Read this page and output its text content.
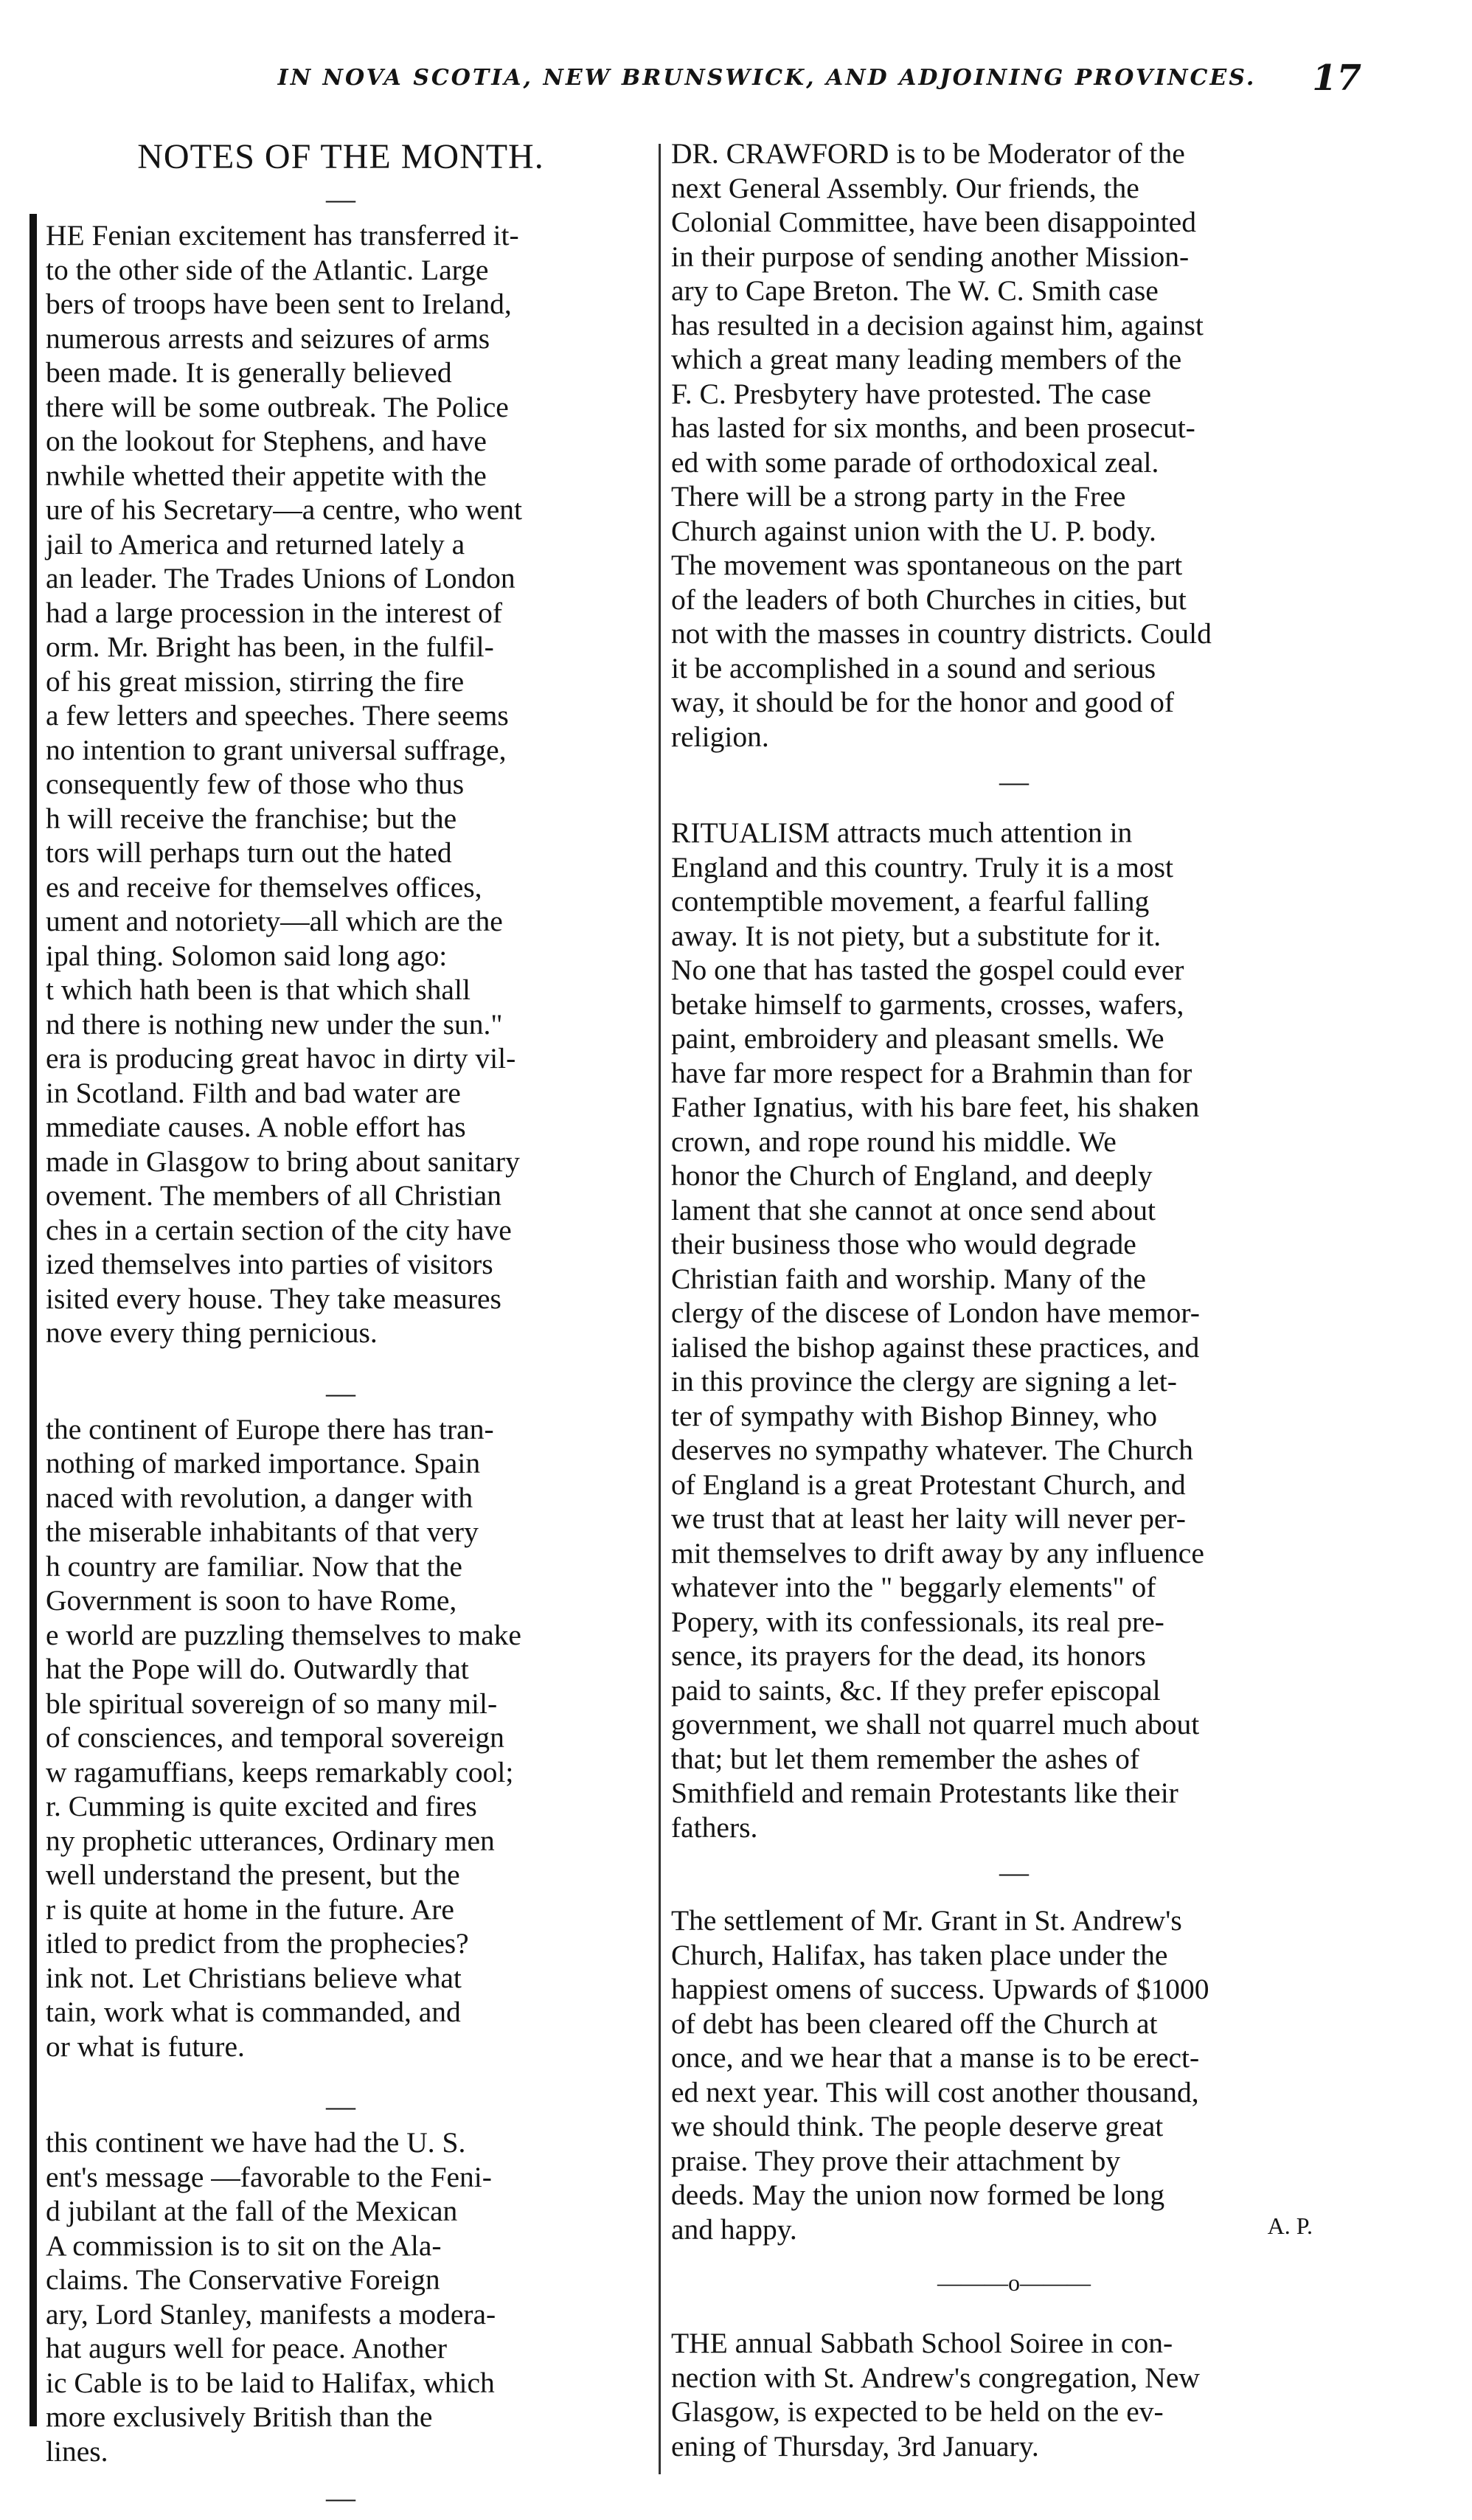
IN NOVA SCOTIA, NEW BRUNSWICK, AND ADJOINING PROVINCES.	17
NOTES OF THE MONTH.
—
HE Fenian excitement has transferred it-
to the other side of the Atlantic. Large
bers of troops have been sent to Ireland,
numerous arrests and seizures of arms
been made. It is generally believed
there will be some outbreak. The Police
on the lookout for Stephens, and have
nwhile whetted their appetite with the
ure of his Secretary—a centre, who went
jail to America and returned lately a
an leader. The Trades Unions of London
had a large procession in the interest of
orm. Mr. Bright has been, in the fulfil-
of his great mission, stirring the fire
a few letters and speeches. There seems
no intention to grant universal suffrage,
consequently few of those who thus
h will receive the franchise; but the
tors will perhaps turn out the hated
es and receive for themselves offices,
ument and notoriety—all which are the
ipal thing. Solomon said long ago:
t which hath been is that which shall
nd there is nothing new under the sun."
era is producing great havoc in dirty vil-
in Scotland. Filth and bad water are
mmediate causes. A noble effort has
made in Glasgow to bring about sanitary
ovement. The members of all Christian
ches in a certain section of the city have
ized themselves into parties of visitors
isited every house. They take measures
nove every thing pernicious.
—
the continent of Europe there has tran-
nothing of marked importance. Spain
naced with revolution, a danger with
the miserable inhabitants of that very
h country are familiar. Now that the
Government is soon to have Rome,
e world are puzzling themselves to make
hat the Pope will do. Outwardly that
ble spiritual sovereign of so many mil-
of consciences, and temporal sovereign
w ragamuffians, keeps remarkably cool;
r. Cumming is quite excited and fires
ny prophetic utterances, Ordinary men
well understand the present, but the
r is quite at home in the future. Are
itled to predict from the prophecies?
ink not. Let Christians believe what
tain, work what is commanded, and
or what is future.
—
this continent we have had the U. S.
ent's message —favorable to the Feni-
d jubilant at the fall of the Mexican
A commission is to sit on the Ala-
claims. The Conservative Foreign
ary, Lord Stanley, manifests a modera-
hat augurs well for peace. Another
ic Cable is to be laid to Halifax, which
more exclusively British than the
lines.
—
DR. CRAWFORD is to be Moderator of the
next General Assembly. Our friends, the
Colonial Committee, have been disappointed
in their purpose of sending another Mission-
ary to Cape Breton. The W. C. Smith case
has resulted in a decision against him, against
which a great many leading members of the
F. C. Presbytery have protested. The case
has lasted for six months, and been prosecut-
ed with some parade of orthodoxical zeal.
There will be a strong party in the Free
Church against union with the U. P. body.
The movement was spontaneous on the part
of the leaders of both Churches in cities, but
not with the masses in country districts. Could
it be accomplished in a sound and serious
way, it should be for the honor and good of
religion.
—
RITUALISM attracts much attention in
England and this country. Truly it is a most
contemptible movement, a fearful falling
away. It is not piety, but a substitute for it.
No one that has tasted the gospel could ever
betake himself to garments, crosses, wafers,
paint, embroidery and pleasant smells. We
have far more respect for a Brahmin than for
Father Ignatius, with his bare feet, his shaken
crown, and rope round his middle. We
honor the Church of England, and deeply
lament that she cannot at once send about
their business those who would degrade
Christian faith and worship. Many of the
clergy of the discese of London have memor-
ialised the bishop against these practices, and
in this province the clergy are signing a let-
ter of sympathy with Bishop Binney, who
deserves no sympathy whatever. The Church
of England is a great Protestant Church, and
we trust that at least her laity will never per-
mit themselves to drift away by any influence
whatever into the " beggarly elements" of
Popery, with its confessionals, its real pre-
sence, its prayers for the dead, its honors
paid to saints, &c. If they prefer episcopal
government, we shall not quarrel much about
that; but let them remember the ashes of
Smithfield and remain Protestants like their
fathers.
—
The settlement of Mr. Grant in St. Andrew's
Church, Halifax, has taken place under the
happiest omens of success. Upwards of $1000
of debt has been cleared off the Church at
once, and we hear that a manse is to be erect-
ed next year. This will cost another thousand,
we should think. The people deserve great
praise. They prove their attachment by
deeds. May the union now formed be long
and happy.	A. P.
———o———
THE annual Sabbath School Soiree in con-
nection with St. Andrew's congregation, New
Glasgow, is expected to be held on the ev-
ening of Thursday, 3rd January.
